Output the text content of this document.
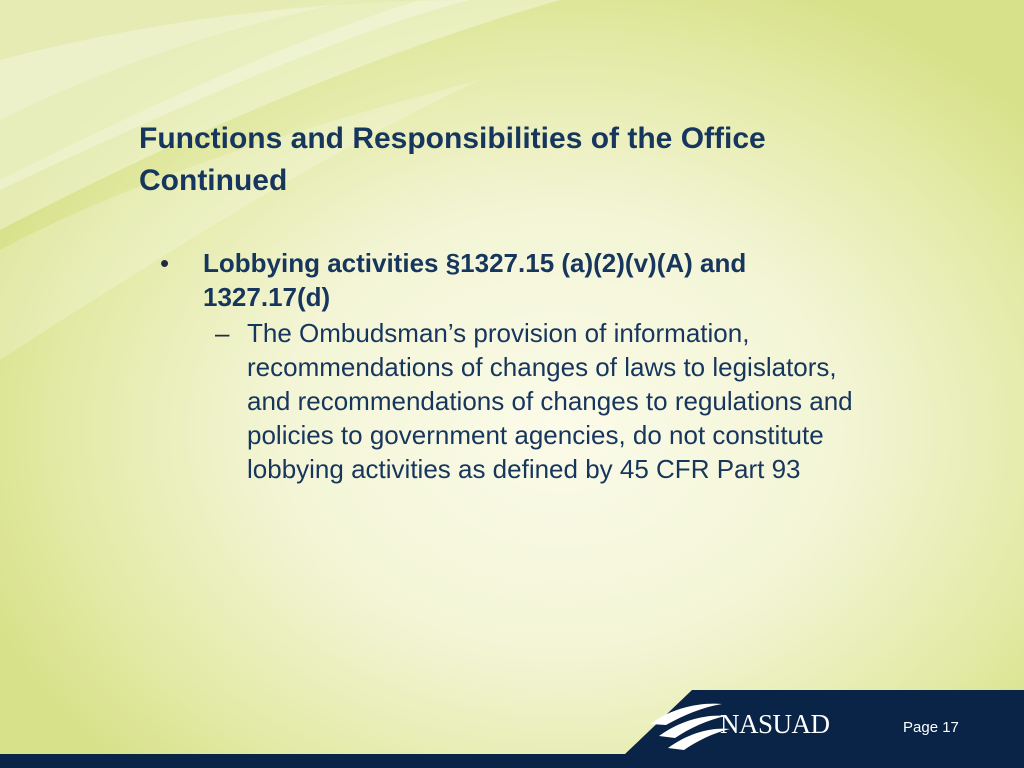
Functions and Responsibilities of the Office Continued
•	Lobbying activities §1327.15 (a)(2)(v)(A) and 1327.17(d)
– The Ombudsman’s provision of information, recommendations of changes of laws to legislators, and recommendations of changes to regulations and policies to government agencies, do not constitute lobbying activities as defined by 45 CFR Part 93
NASUAD	Page 17
